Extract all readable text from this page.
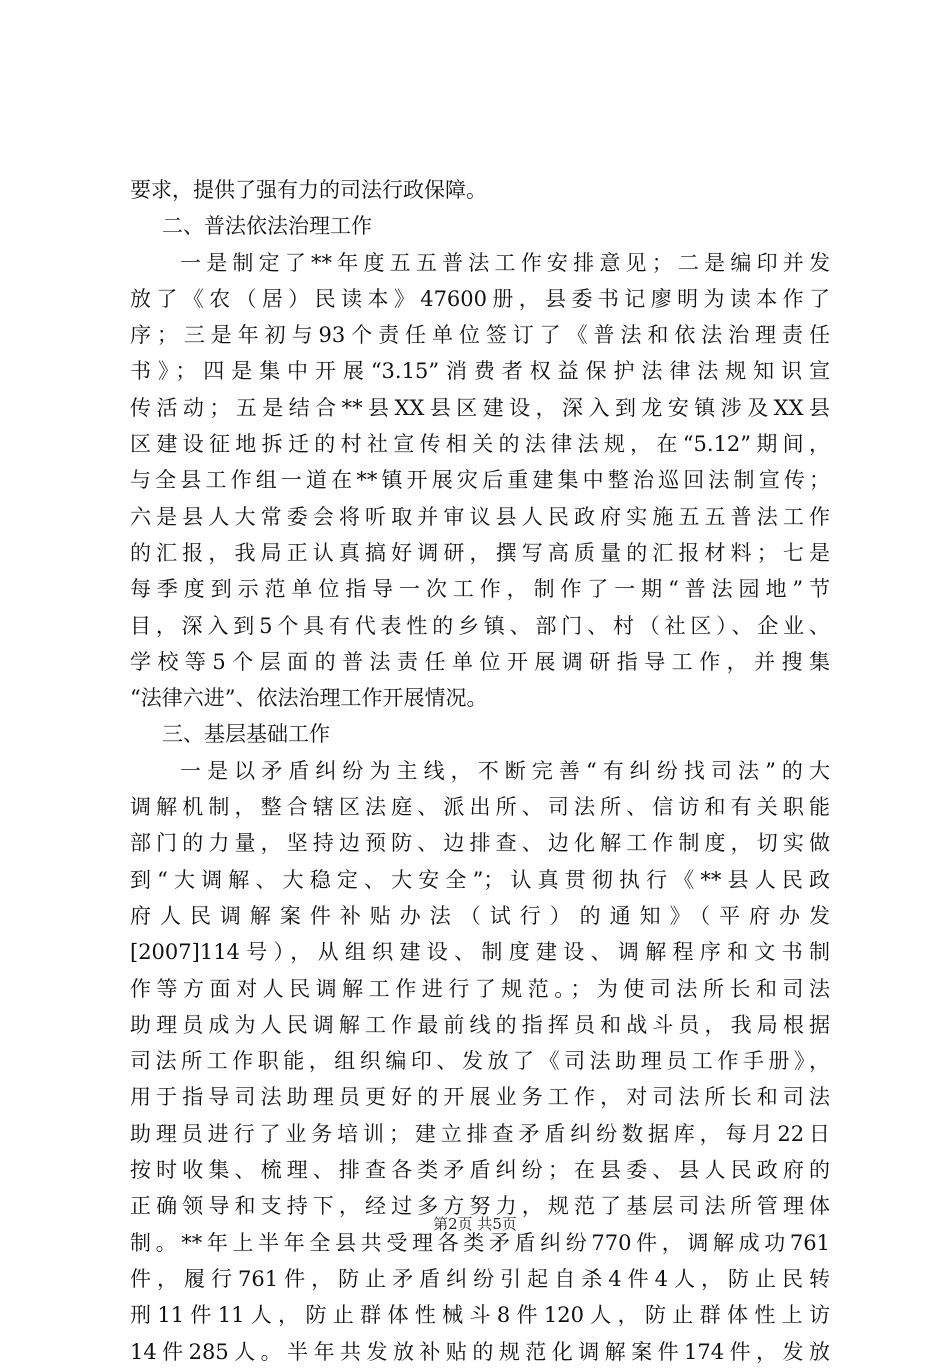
要求，提供了强有力的司法行政保障。
二、普法依法治理工作
一是制定了**年度五五普法工作安排意见；二是编印并发
放了《农（居）民读本》47600册，县委书记廖明为读本作了
序；三是年初与93个责任单位签订了《普法和依法治理责任
书》；四是集中开展“3.15”消费者权益保护法律法规知识宣
传活动；五是结合**县XX县区建设，深入到龙安镇涉及XX县
区建设征地拆迁的村社宣传相关的法律法规，在“5.12”期间，
与全县工作组一道在**镇开展灾后重建集中整治巡回法制宣传；
六是县人大常委会将听取并审议县人民政府实施五五普法工作
的汇报，我局正认真搞好调研，撰写高质量的汇报材料；七是
每季度到示范单位指导一次工作，制作了一期“普法园地”节
目，深入到5个具有代表性的乡镇、部门、村（社区）、企业、
学校等5个层面的普法责任单位开展调研指导工作，并搜集
“法律六进”、依法治理工作开展情况。
三、基层基础工作
一是以矛盾纠纷为主线，不断完善“有纠纷找司法”的大
调解机制，整合辖区法庭、派出所、司法所、信访和有关职能
部门的力量，坚持边预防、边排查、边化解工作制度，切实做
到“大调解、大稳定、大安全”；认真贯彻执行《**县人民政
府人民调解案件补贴办法（试行）的通知》（平府办发
[2007]114号），从组织建设、制度建设、调解程序和文书制
作等方面对人民调解工作进行了规范。；为使司法所长和司法
助理员成为人民调解工作最前线的指挥员和战斗员，我局根据
司法所工作职能，组织编印、发放了《司法助理员工作手册》，
用于指导司法助理员更好的开展业务工作，对司法所长和司法
助理员进行了业务培训；建立排查矛盾纠纷数据库，每月22日
按时收集、梳理、排查各类矛盾纠纷；在县委、县人民政府的
正确领导和支持下，经过多方努力，规范了基层司法所管理体
制。**年上半年全县共受理各类矛盾纠纷770件，调解成功761
件，履行761件，防止矛盾纠纷引起自杀4件4人，防止民转
刑11件11人，防止群体性械斗8件120人，防止群体性上访
14件285人。半年共发放补贴的规范化调解案件174件，发放
第2页 共5页
